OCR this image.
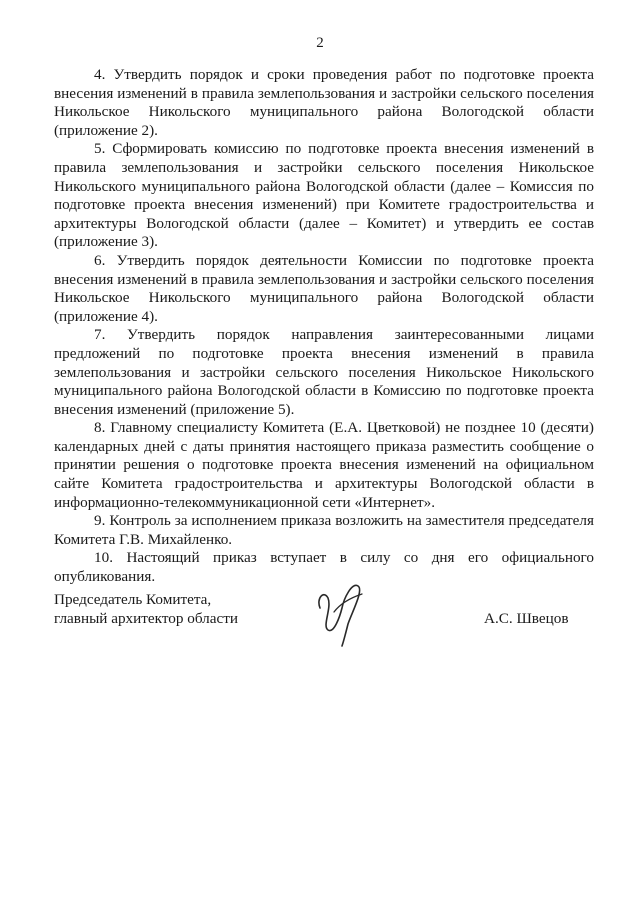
2

4. Утвердить порядок и сроки проведения работ по подготовке проекта внесения изменений в правила землепользования и застройки сельского поселения Никольское Никольского муниципального района Вологодской области (приложение 2).

5. Сформировать комиссию по подготовке проекта внесения изменений в правила землепользования и застройки сельского поселения Никольское Никольского муниципального района Вологодской области (далее – Комиссия по подготовке проекта внесения изменений) при Комитете градостроительства и архитектуры Вологодской области (далее – Комитет) и утвердить ее состав (приложение 3).

6. Утвердить порядок деятельности Комиссии по подготовке проекта внесения изменений в правила землепользования и застройки сельского поселения Никольское Никольского муниципального района Вологодской области (приложение 4).

7. Утвердить порядок направления заинтересованными лицами предложений по подготовке проекта внесения изменений в правила землепользования и застройки сельского поселения Никольское Никольского муниципального района Вологодской области в Комиссию по подготовке проекта внесения изменений (приложение 5).

8. Главному специалисту Комитета (Е.А. Цветковой) не позднее 10 (десяти) календарных дней с даты принятия настоящего приказа разместить сообщение о принятии решения о подготовке проекта внесения изменений на официальном сайте Комитета градостроительства и архитектуры Вологодской области в информационно-телекоммуникационной сети «Интернет».

9. Контроль за исполнением приказа возложить на заместителя председателя Комитета Г.В. Михайленко.

10. Настоящий приказ вступает в силу со дня его официального опубликования.

Председатель Комитета,
главный архитектор области	А.С. Швецов
